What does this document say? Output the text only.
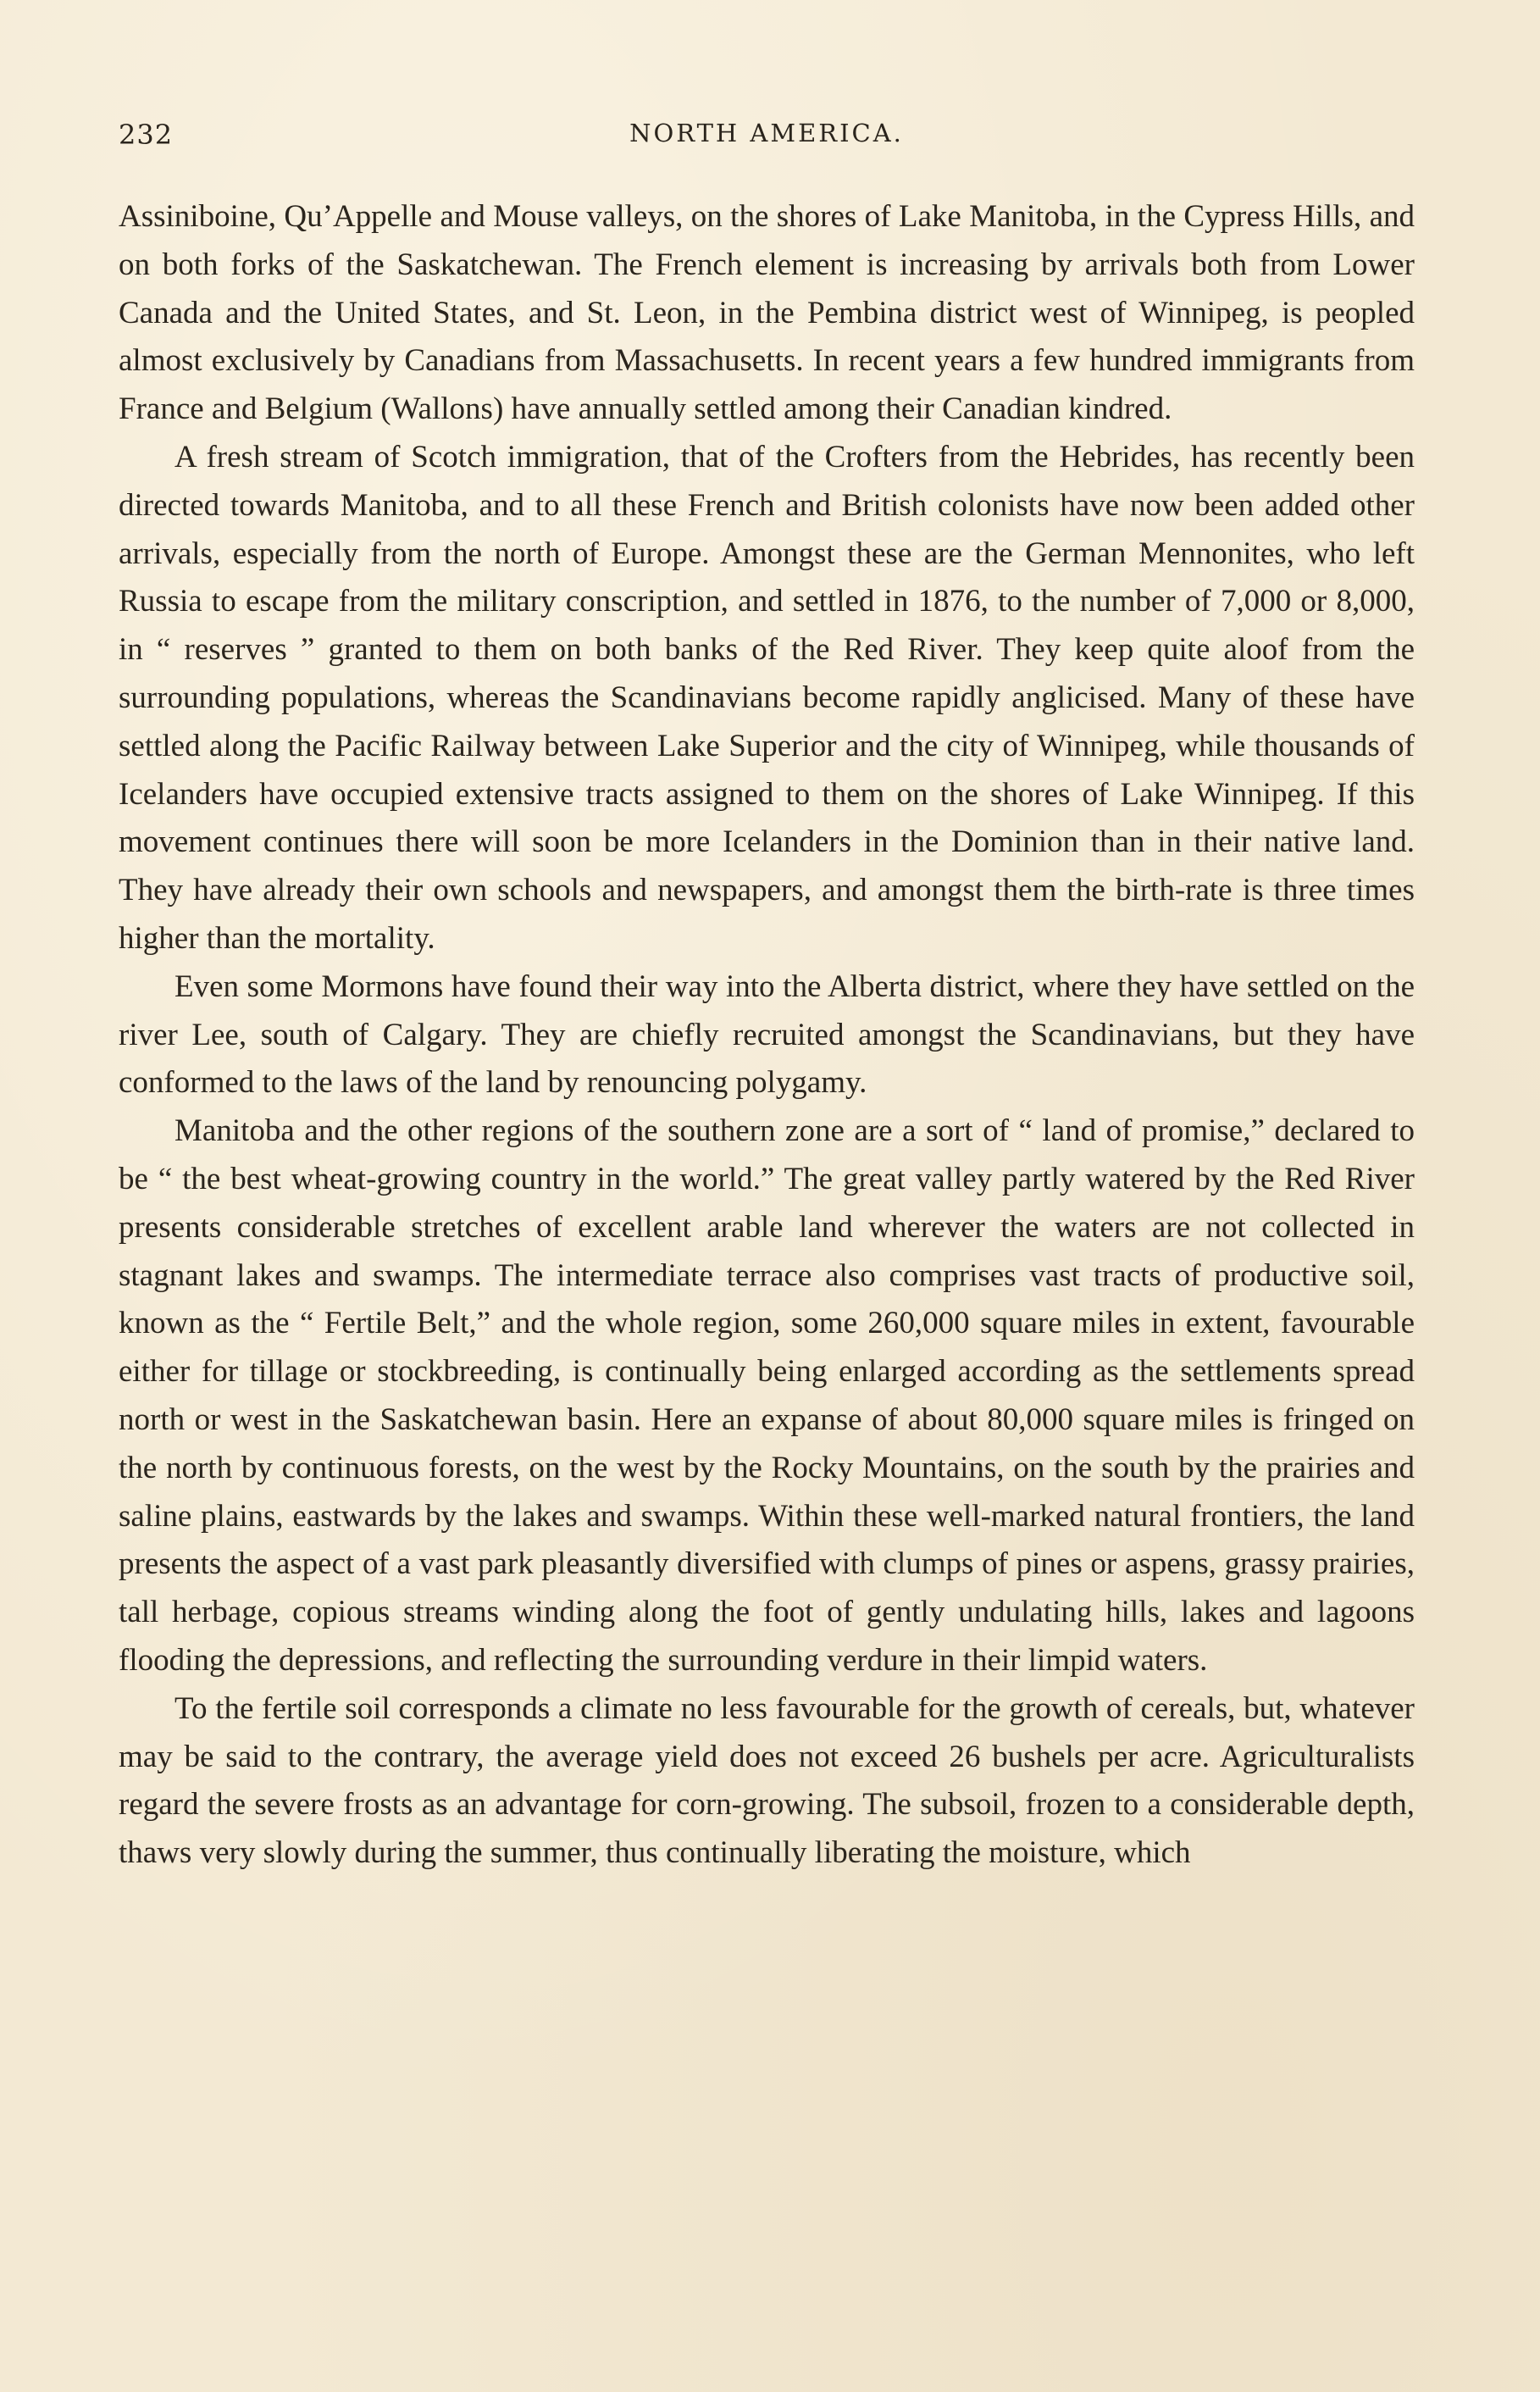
232	NORTH AMERICA.

Assiniboine, Qu’Appelle and Mouse valleys, on the shores of Lake Manitoba, in the Cypress Hills, and on both forks of the Saskatchewan. The French element is increasing by arrivals both from Lower Canada and the United States, and St. Leon, in the Pembina district west of Winnipeg, is peopled almost exclusively by Canadians from Massachusetts. In recent years a few hundred immigrants from France and Belgium (Wallons) have annually settled among their Canadian kindred.

A fresh stream of Scotch immigration, that of the Crofters from the Hebrides, has recently been directed towards Manitoba, and to all these French and British colonists have now been added other arrivals, especially from the north of Europe. Amongst these are the German Mennonites, who left Russia to escape from the military conscription, and settled in 1876, to the number of 7,000 or 8,000, in “ reserves ” granted to them on both banks of the Red River. They keep quite aloof from the surrounding populations, whereas the Scandinavians become rapidly anglicised. Many of these have settled along the Pacific Railway between Lake Superior and the city of Winnipeg, while thousands of Icelanders have occupied extensive tracts assigned to them on the shores of Lake Winnipeg. If this movement continues there will soon be more Icelanders in the Dominion than in their native land. They have already their own schools and newspapers, and amongst them the birth-rate is three times higher than the mortality.

Even some Mormons have found their way into the Alberta district, where they have settled on the river Lee, south of Calgary. They are chiefly recruited amongst the Scandinavians, but they have conformed to the laws of the land by renouncing polygamy.

Manitoba and the other regions of the southern zone are a sort of “ land of promise,” declared to be “ the best wheat-growing country in the world.” The great valley partly watered by the Red River presents considerable stretches of excellent arable land wherever the waters are not collected in stagnant lakes and swamps. The intermediate terrace also comprises vast tracts of productive soil, known as the “ Fertile Belt,” and the whole region, some 260,000 square miles in extent, favourable either for tillage or stockbreeding, is continually being enlarged according as the settlements spread north or west in the Saskatchewan basin. Here an expanse of about 80,000 square miles is fringed on the north by continuous forests, on the west by the Rocky Mountains, on the south by the prairies and saline plains, eastwards by the lakes and swamps. Within these well-marked natural frontiers, the land presents the aspect of a vast park pleasantly diversified with clumps of pines or aspens, grassy prairies, tall herbage, copious streams winding along the foot of gently undulating hills, lakes and lagoons flooding the depressions, and reflecting the surrounding verdure in their limpid waters.

To the fertile soil corresponds a climate no less favourable for the growth of cereals, but, whatever may be said to the contrary, the average yield does not exceed 26 bushels per acre. Agriculturalists regard the severe frosts as an advantage for corn-growing. The subsoil, frozen to a considerable depth, thaws very slowly during the summer, thus continually liberating the moisture, which
